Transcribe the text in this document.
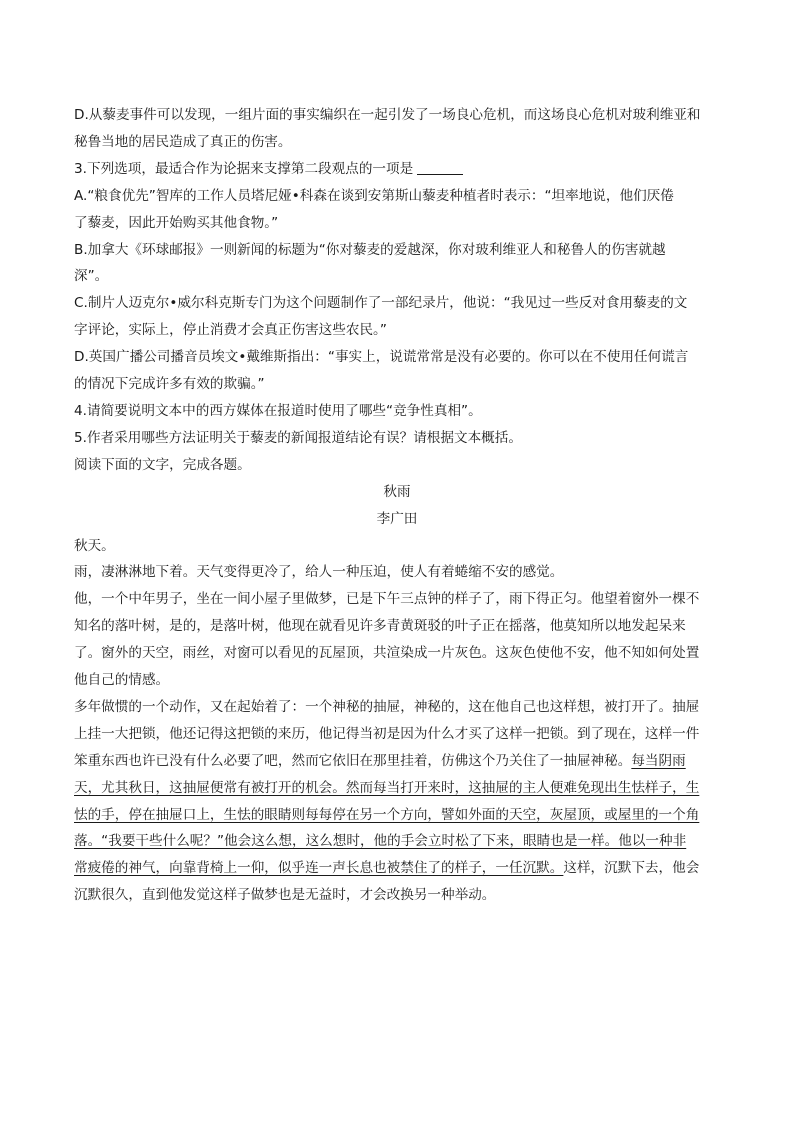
D.从藜麦事件可以发现，一组片面的事实编织在一起引发了一场良心危机，而这场良心危机对玻利维亚和
秘鲁当地的居民造成了真正的伤害。
3.下列选项，最适合作为论据来支撑第二段观点的一项是
A.“粮食优先”智库的工作人员塔尼娅•科森在谈到安第斯山藜麦种植者时表示：“坦率地说，他们厌倦
了藜麦，因此开始购买其他食物。”
B.加拿大《环球邮报》一则新闻的标题为“你对藜麦的爱越深，你对玻利维亚人和秘鲁人的伤害就越
深”。
C.制片人迈克尔•威尔科克斯专门为这个问题制作了一部纪录片，他说：“我见过一些反对食用藜麦的文
字评论，实际上，停止消费才会真正伤害这些农民。”
D.英国广播公司播音员埃文•戴维斯指出：“事实上，说谎常常是没有必要的。你可以在不使用任何谎言
的情况下完成许多有效的欺骗。”
4.请简要说明文本中的西方媒体在报道时使用了哪些“竞争性真相”。
5.作者采用哪些方法证明关于藜麦的新闻报道结论有误？请根据文本概括。
阅读下面的文字，完成各题。
秋雨
李广田
秋天。
雨，凄淋淋地下着。天气变得更冷了，给人一种压迫，使人有着蜷缩不安的感觉。
他，一个中年男子，坐在一间小屋子里做梦，已是下午三点钟的样子了，雨下得正匀。他望着窗外一棵不
知名的落叶树，是的，是落叶树，他现在就看见许多青黄斑驳的叶子正在摇落，他莫知所以地发起呆来
了。窗外的天空，雨丝，对窗可以看见的瓦屋顶，共渲染成一片灰色。这灰色使他不安，他不知如何处置
他自己的情感。
多年做惯的一个动作，又在起始着了：一个神秘的抽屉，神秘的，这在他自己也这样想，被打开了。抽屉
上挂一大把锁，他还记得这把锁的来历，他记得当初是因为什么才买了这样一把锁。到了现在，这样一件
笨重东西也许已没有什么必要了吧，然而它依旧在那里挂着，仿佛这个乃关住了一抽屉神秘。每当阴雨
天，尤其秋日，这抽屉便常有被打开的机会。然而每当打开来时，这抽屉的主人便难免现出生怯样子，生
怯的手，停在抽屉口上，生怯的眼睛则每每停在另一个方向，譬如外面的天空，灰屋顶，或屋里的一个角
落。“我要干些什么呢？”他会这么想，这么想时，他的手会立时松了下来，眼睛也是一样。他以一种非
常疲倦的神气，向靠背椅上一仰，似乎连一声长息也被禁住了的样子，一任沉默。这样，沉默下去，他会
沉默很久，直到他发觉这样子做梦也是无益时，才会改换另一种举动。
